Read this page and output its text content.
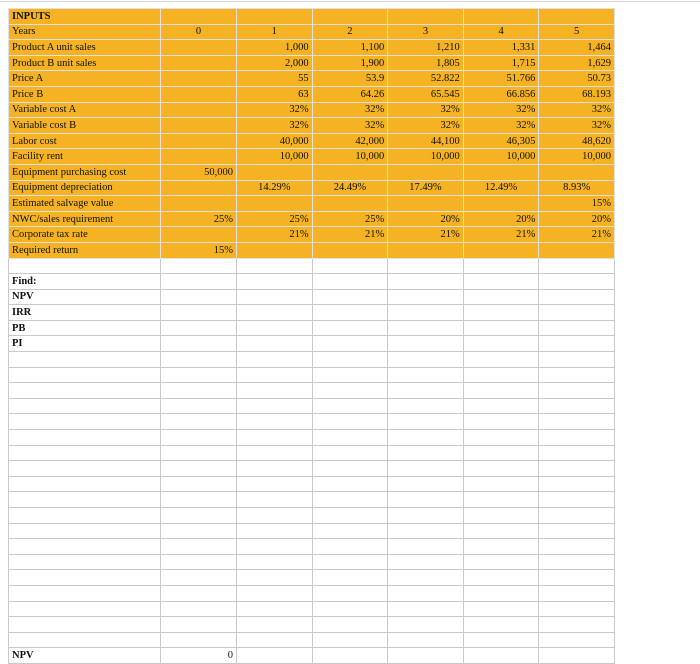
INPUTS						
Years	0	1	2	3	4	5
Product A unit sales		1,000	1,100	1,210	1,331	1,464
Product B unit sales		2,000	1,900	1,805	1,715	1,629
Price A		55	53.9	52.822	51.766	50.73
Price B		63	64.26	65.545	66.856	68.193
Variable cost A		32%	32%	32%	32%	32%
Variable cost B		32%	32%	32%	32%	32%
Labor cost		40,000	42,000	44,100	46,305	48,620
Facility rent		10,000	10,000	10,000	10,000	10,000
Equipment purchasing cost	50,000					
Equipment depreciation		14.29%	24.49%	17.49%	12.49%	8.93%
Estimated salvage value						15%
NWC/sales requirement	25%	25%	25%	20%	20%	20%
Corporate tax rate		21%	21%	21%	21%	21%
Required return	15%					

Find:						
NPV						
IRR						
PB						
PI						

NPV	0					
